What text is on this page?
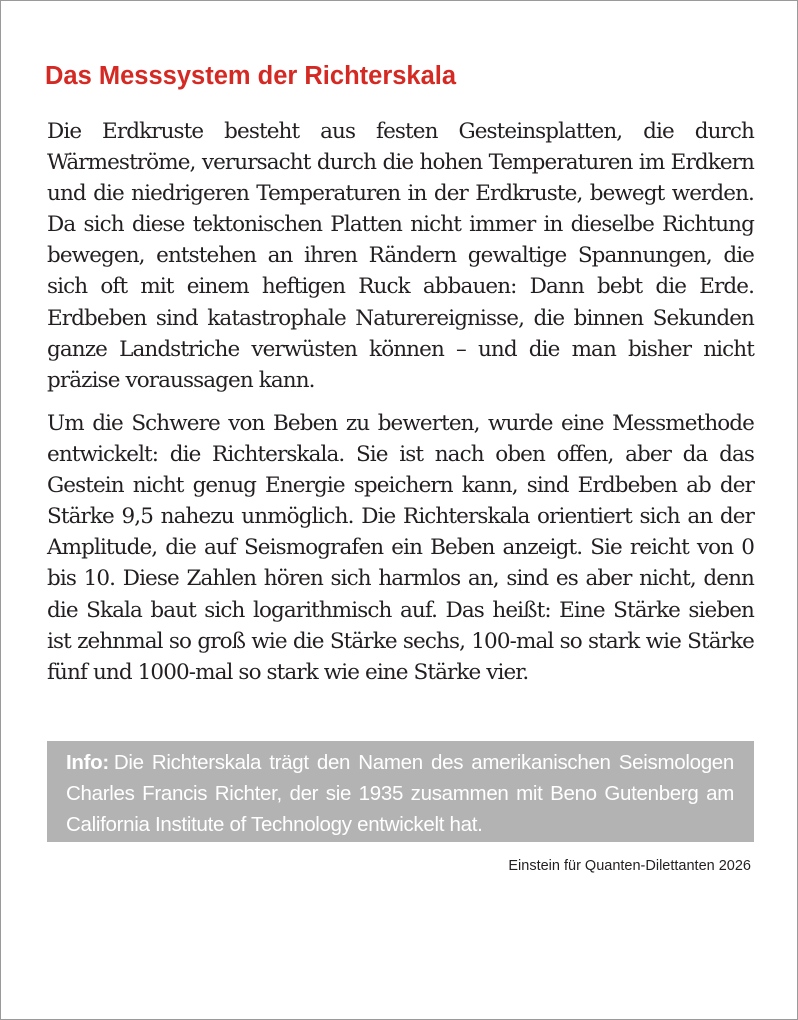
Das Messsystem der Richterskala

Die Erdkruste besteht aus festen Gesteinsplatten, die durch Wärmeströme, verursacht durch die hohen Temperaturen im Erdkern und die niedrigeren Temperaturen in der Erdkruste, bewegt werden. Da sich diese tektonischen Platten nicht immer in dieselbe Richtung bewegen, entstehen an ihren Rändern gewaltige Spannungen, die sich oft mit einem heftigen Ruck abbauen: Dann bebt die Erde. Erdbeben sind katastrophale Naturereignisse, die binnen Sekunden ganze Landstriche verwüsten können – und die man bisher nicht präzise voraussagen kann.

Um die Schwere von Beben zu bewerten, wurde eine Messmethode entwickelt: die Richterskala. Sie ist nach oben offen, aber da das Gestein nicht genug Energie speichern kann, sind Erdbeben ab der Stärke 9,5 nahezu unmöglich. Die Richterskala orientiert sich an der Amplitude, die auf Seismografen ein Beben anzeigt. Sie reicht von 0 bis 10. Diese Zahlen hören sich harmlos an, sind es aber nicht, denn die Skala baut sich logarithmisch auf. Das heißt: Eine Stärke sieben ist zehnmal so groß wie die Stärke sechs, 100-mal so stark wie Stärke fünf und 1000-mal so stark wie eine Stärke vier.

Info: Die Richterskala trägt den Namen des amerikanischen Seismologen Charles Francis Richter, der sie 1935 zusammen mit Beno Gutenberg am California Institute of Technology entwickelt hat.

Einstein für Quanten-Dilettanten 2026
